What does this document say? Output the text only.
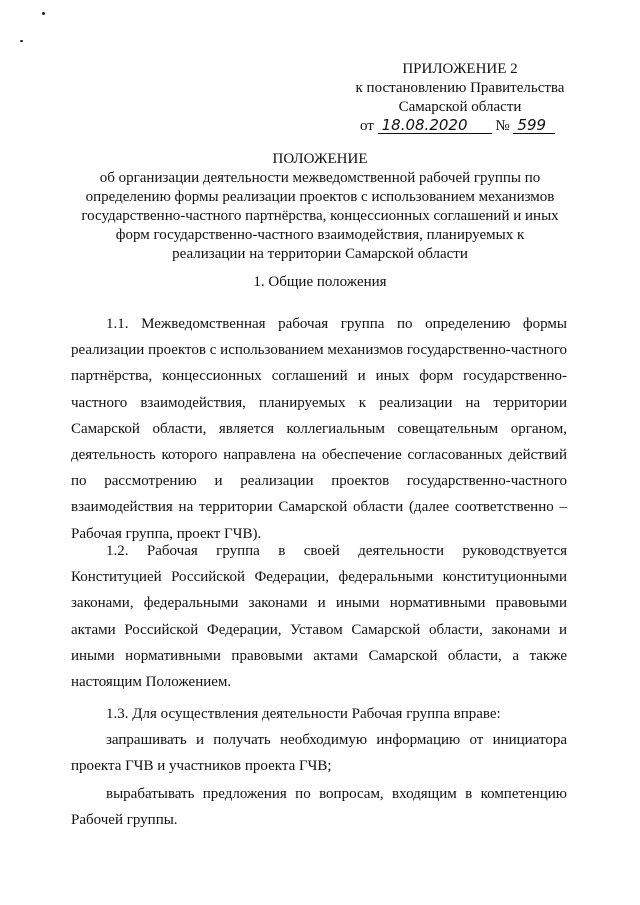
ПРИЛОЖЕНИЕ 2
к постановлению Правительства
Самарской области
от 18.08.2020 № 599
ПОЛОЖЕНИЕ
об организации деятельности межведомственной рабочей группы по
определению формы реализации проектов с использованием механизмов
государственно-частного партнёрства, концессионных соглашений и иных
форм государственно-частного взаимодействия, планируемых к
реализации на территории Самарской области
1. Общие положения

1.1. Межведомственная рабочая группа по определению формы реализации проектов с использованием механизмов государственно-частного партнёрства, концессионных соглашений и иных форм государственно-частного взаимодействия, планируемых к реализации на территории Самарской области, является коллегиальным совещательным органом, деятельность которого направлена на обеспечение согласованных действий по рассмотрению и реализации проектов государственно-частного взаимодействия на территории Самарской области (далее соответственно – Рабочая группа, проект ГЧВ).

1.2. Рабочая группа в своей деятельности руководствуется Конституцией Российской Федерации, федеральными конституционными законами, федеральными законами и иными нормативными правовыми актами Российской Федерации, Уставом Самарской области, законами и иными нормативными правовыми актами Самарской области, а также настоящим Положением.

1.3. Для осуществления деятельности Рабочая группа вправе:

запрашивать и получать необходимую информацию от инициатора проекта ГЧВ и участников проекта ГЧВ;

вырабатывать предложения по вопросам, входящим в компетенцию Рабочей группы.
